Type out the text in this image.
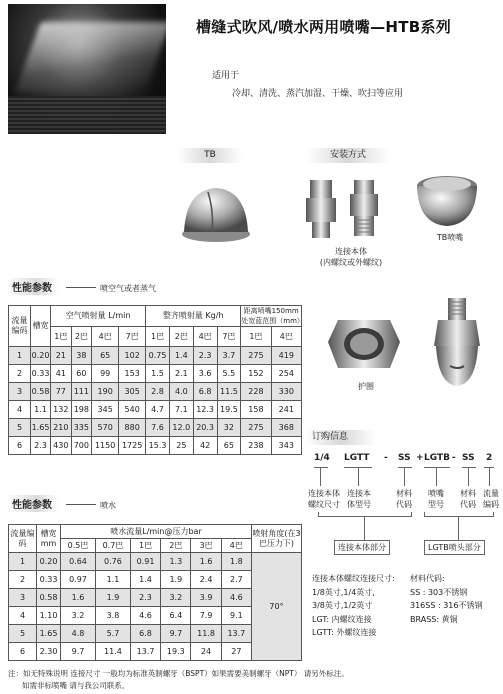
槽缝式吹风/喷水两用喷嘴—HTB系列
适用于
冷却、清洗、蒸汽加湿、干燥、吹扫等应用
TB	安装方式
连接本体
(内螺纹或外螺纹)
TB喷嘴
护圈
性能参数	喷空气或者蒸气
流量编码	槽宽	空气喷射量 L/min				整齐喷射量 Kg/h				距离喷嘴150mm处宽蓝范围（mm）	
		1巴	2巴	4巴	7巴	1巴	2巴	4巴	7巴	1巴	4巴
1	0.20	21	38	65	102	0.75	1.4	2.3	3.7	275	419
2	0.33	41	60	99	153	1.5	2.1	3.6	5.5	152	254
3	0.58	77	111	190	305	2.8	4.0	6.8	11.5	228	330
4	1.1	132	198	345	540	4.7	7.1	12.3	19.5	158	241
5	1.65	210	335	570	880	7.6	12.0	20.3	32	275	368
6	2.3	430	700	1150	1725	15.3	25	42	65	238	343
性能参数	喷水
流量编码	槽宽mm	喷水流量L/min@压力bar						喷射角度(在3巴压力下)
		0.5巴	0.7巴	1巴	2巴	3巴	4巴	
1	0.20	0.64	0.76	0.91	1.3	1.6	1.8	70°
2	0.33	0.97	1.1	1.4	1.9	2.4	2.7	
3	0.58	1.6	1.9	2.3	3.2	3.9	4.6	
4	1.10	3.2	3.8	4.6	6.4	7.9	9.1	
5	1.65	4.8	5.7	6.8	9.7	11.8	13.7	
6	2.30	9.7	11.4	13.7	19.3	24	27	
订购信息
1/4 LGTT - SS + LGTB - SS 2
连接本体螺纹尺寸
连接本体型号
材料代码
喷嘴型号
材料代码
流量编码
连接本体部分	LGTB喷头部分
连接本体螺纹连接尺寸:
1/8英寸,1/4英寸,
3/8英寸,1/2英寸
LGT: 内螺纹连接
LGTT: 外螺纹连接
材料代码:
SS : 303不锈钢
316SS : 316不锈钢
BRASS: 黄铜
注：如无特殊说明 连接尺寸 一般均为标准英制螺牙（BSPT）如果需要美制螺牙（NPT） 请另外标注。
如需非标喷嘴 请与我公司联系。
